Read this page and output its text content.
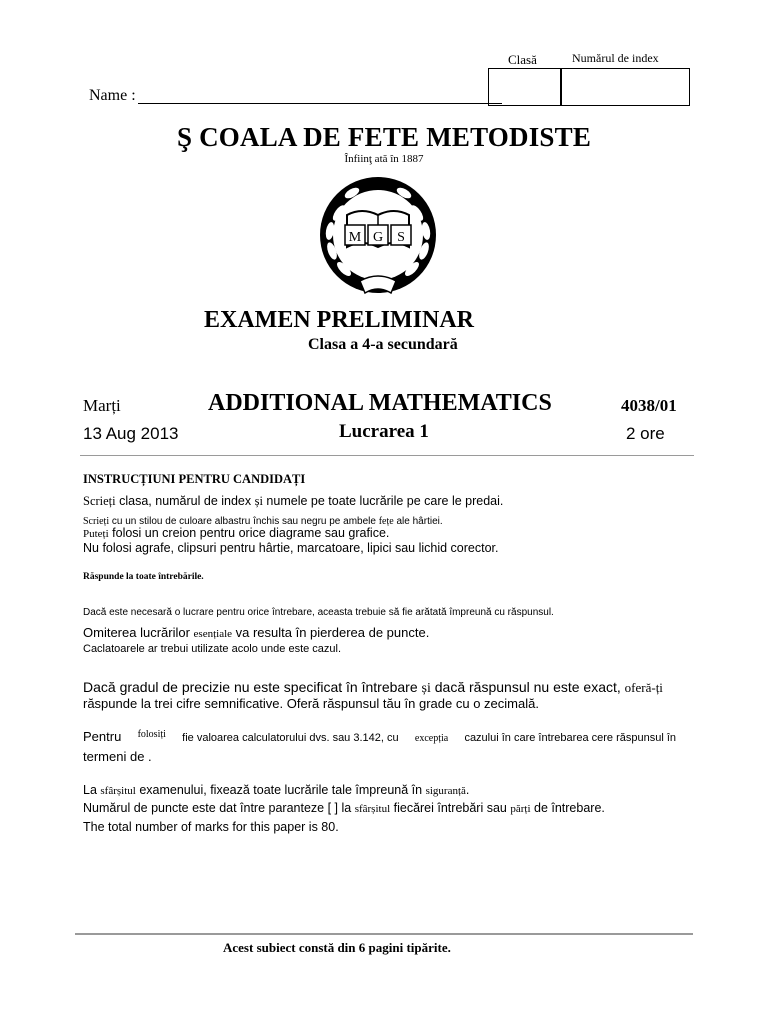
Clasă	Numărul de index
Name :
Ş COALA DE FETE METODISTE
Înfiinţ ată în 1887
M G S
EXAMEN PRELIMINAR
Clasa a 4-a secundară
Marți	ADDITIONAL MATHEMATICS	4038/01
13 Aug 2013	Lucrarea 1	2 ore
INSTRUCȚIUNI PENTRU CANDIDAȚI
Scrieți clasa, numărul de index și numele pe toate lucrările pe care le predai.
Scrieți cu un stilou de culoare albastru închis sau negru pe ambele fețe ale hârtiei.
Puteți folosi un creion pentru orice diagrame sau grafice.
Nu folosi agrafe, clipsuri pentru hârtie, marcatoare, lipici sau lichid corector.
Răspunde la toate întrebările.
Dacă este necesară o lucrare pentru orice întrebare, aceasta trebuie să fie arătată împreună cu răspunsul.
Omiterea lucrărilor esențiale va resulta în pierderea de puncte.
Caclatoarele ar trebui utilizate acolo unde este cazul.
Dacă gradul de precizie nu este specificat în întrebare și dacă răspunsul nu este exact, oferă-ți
răspunde la trei cifre semnificative. Oferă răspunsul tău în grade cu o zecimală.
Pentru folosiți fie valoarea calculatorului dvs. sau 3.142, cu excepția cazului în care întrebarea cere răspunsul în
termeni de .
La sfârșitul examenului, fixează toate lucrările tale împreună în siguranță.
Numărul de puncte este dat între paranteze [ ] la sfârșitul fiecărei întrebări sau părți de întrebare.
The total number of marks for this paper is 80.
Acest subiect constă din 6 pagini tipărite.
